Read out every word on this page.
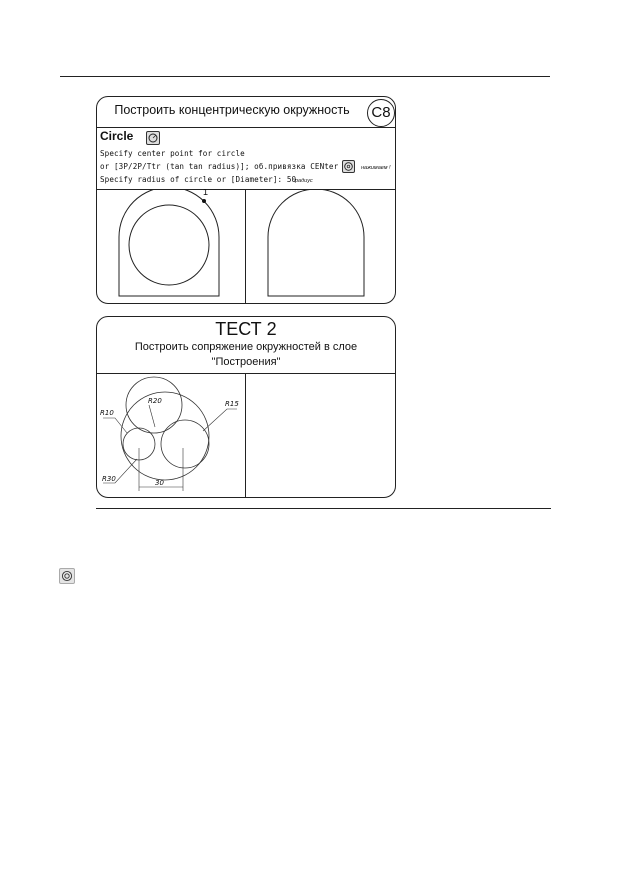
Построить концентрическую окружность	C8
Circle
Specify center point for circle
or [3P/2P/Ttr (tan tan radius)]; об.привязка CENter	нажимаем !
Specify radius of circle or [Diameter]: 50
радиус
1
ТЕСТ 2
Построить сопряжение окружностей в слое
"Построения"
R10
R20	R15
R30	30
